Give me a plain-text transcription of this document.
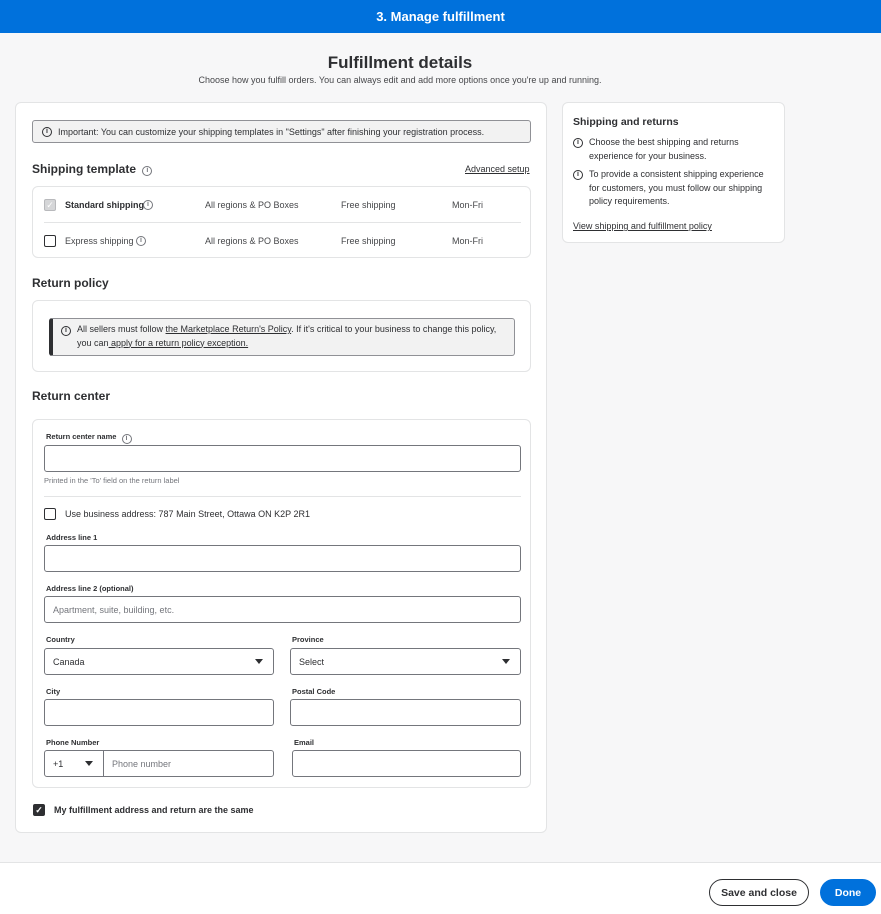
3. Manage fulfillment
Fulfillment details
Choose how you fulfill orders. You can always edit and add more options once you're up and running.
i	Important: You can customize your shipping templates in "Settings" after finishing your registration process.
Shipping template i	Advanced setup
✓ Standard shipping i	All regions & PO Boxes	Free shipping	Mon-Fri
Express shipping i	All regions & PO Boxes	Free shipping	Mon-Fri
Return policy
i	All sellers must follow the Marketplace Return's Policy. If it's critical to your business to change this policy, you can apply for a return policy exception.
Return center
Return center name i
Printed in the 'To' field on the return label
Use business address: 787 Main Street, Ottawa ON K2P 2R1
Address line 1
Address line 2 (optional)
Apartment, suite, building, etc.
Country
Canada
Province
Select
City	Postal Code
Phone Number
+1	Phone number
Email
✓ My fulfillment address and return are the same
Shipping and returns
i	Choose the best shipping and returns experience for your business.
i	To provide a consistent shipping experience for customers, you must follow our shipping policy requirements.
View shipping and fulfillment policy
Save and close	Done
